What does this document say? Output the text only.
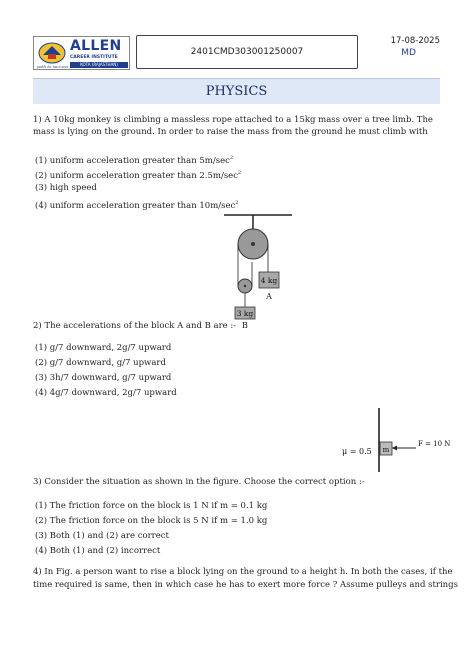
ALLEN
CAREER INSTITUTE
KOTA (RAJASTHAN)
path to success
2401CMD303001250007
17-08-2025
MD
PHYSICS
1) A 10kg monkey is climbing a massless rope attached to a 15kg mass over a tree limb. The mass is lying on the ground. In order to raise the mass from the ground he must climb with
(1) uniform acceleration greater than $5m/\sec^2$
(2) uniform acceleration greater than $2.5m/\sec^2$
(3) high speed
(4) uniform acceleration greater than $10m/\sec^2$
4 kg
A
3 kg
B
2) The accelerations of the block A and B are :-
(1) g/7 downward, 2g/7 upward
(2) g/7 downward, g/7 upward
(3) 3h/7 downward, g/7 upward
(4) 4g/7 downward, 2g/7 upward
μ = 0.5 m
F = 10 N
3) Consider the situation as shown in the figure. Choose the correct option :-
(1) The friction force on the block is 1 N if m = 0.1 kg
(2) The friction force on the block is 5 N if m = 1.0 kg
(3) Both (1) and (2) are correct
(4) Both (1) and (2) incorrect
4) In Fig. a person want to rise a block lying on the ground to a height h. In both the cases, if the
time required is same, then in which case he has to exert more force ? Assume pulleys and strings
